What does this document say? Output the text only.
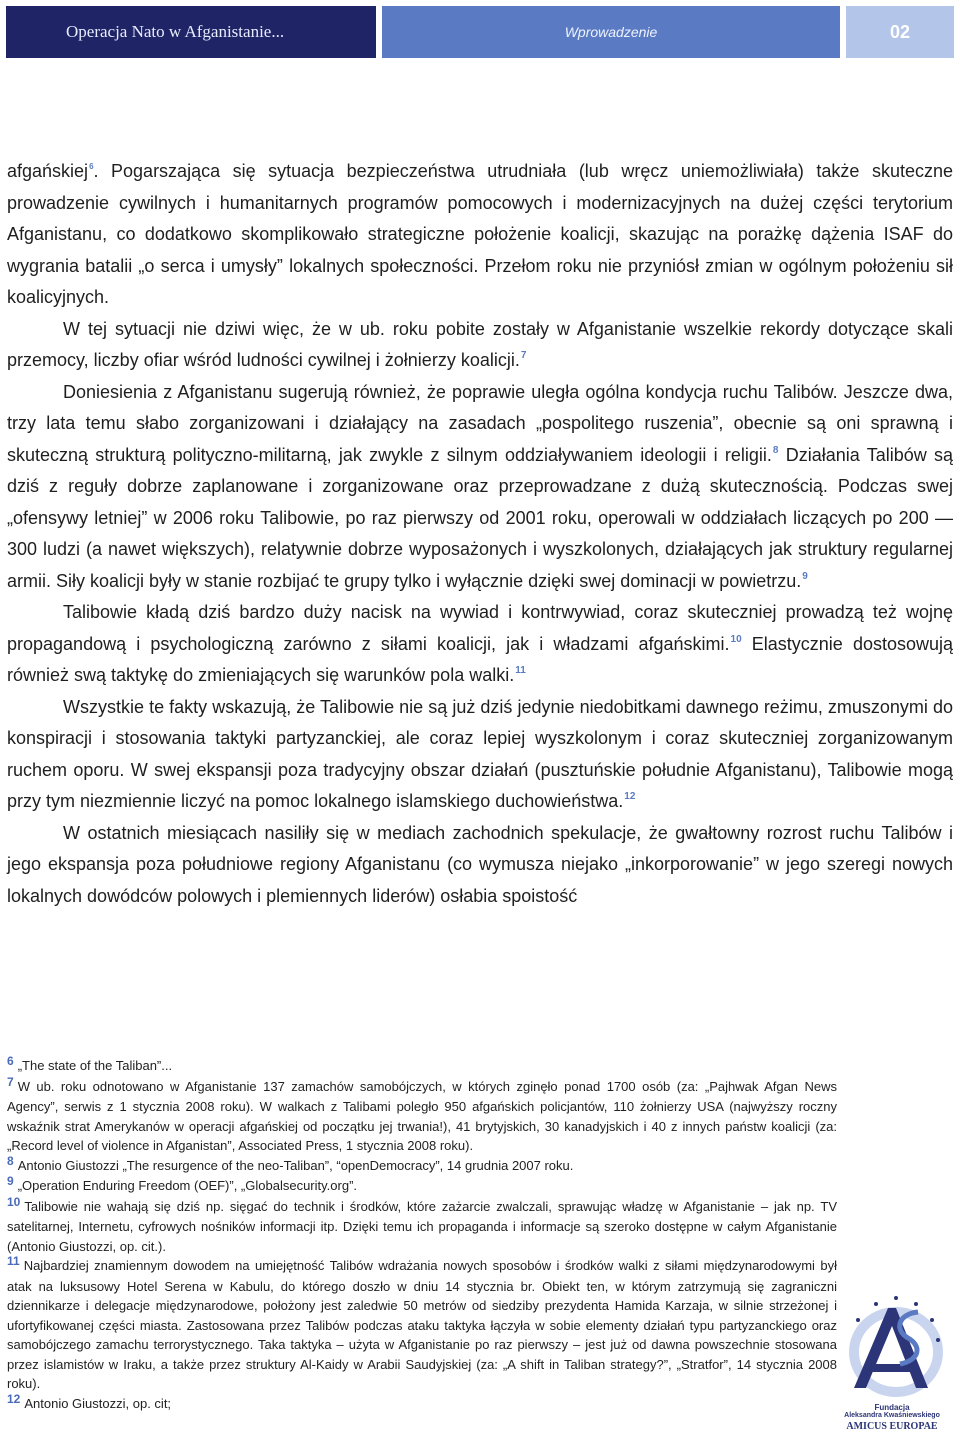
Operacja Nato w Afganistanie...	Wprowadzenie	02

afgańskiej$^6$. Pogarszająca się sytuacja bezpieczeństwa utrudniała (lub wręcz uniemożliwiała) także skuteczne prowadzenie cywilnych i humanitarnych programów pomocowych i modernizacyjnych na dużej części terytorium Afganistanu, co dodatkowo skomplikowało strategiczne położenie koalicji, skazując na porażkę dążenia ISAF do wygrania batalii „o serca i umysły” lokalnych społeczności. Przełom roku nie przyniósł zmian w ogólnym położeniu sił koalicyjnych.

W tej sytuacji nie dziwi więc, że w ub. roku pobite zostały w Afganistanie wszelkie rekordy dotyczące skali przemocy, liczby ofiar wśród ludności cywilnej i żołnierzy koalicji.$^7$

Doniesienia z Afganistanu sugerują również, że poprawie uległa ogólna kondycja ruchu Talibów. Jeszcze dwa, trzy lata temu słabo zorganizowani i działający na zasadach „pospolitego ruszenia”, obecnie są oni sprawną i skuteczną strukturą polityczno-militarną, jak zwykle z silnym oddziaływaniem ideologii i religii.$^8$ Działania Talibów są dziś z reguły dobrze zaplanowane i zorganizowane oraz przeprowadzane z dużą skutecznością. Podczas swej „ofensywy letniej” w 2006 roku Talibowie, po raz pierwszy od 2001 roku, operowali w oddziałach liczących po 200 — 300 ludzi (a nawet większych), relatywnie dobrze wyposażonych i wyszkolonych, działających jak struktury regularnej armii. Siły koalicji były w stanie rozbijać te grupy tylko i wyłącznie dzięki swej dominacji w powietrzu.$^9$

Talibowie kładą dziś bardzo duży nacisk na wywiad i kontrwywiad, coraz skuteczniej prowadzą też wojnę propagandową i psychologiczną zarówno z siłami koalicji, jak i władzami afgańskimi.$^{10}$ Elastycznie dostosowują również swą taktykę do zmieniających się warunków pola walki.$^{11}$

Wszystkie te fakty wskazują, że Talibowie nie są już dziś jedynie niedobitkami dawnego reżimu, zmuszonymi do konspiracji i stosowania taktyki partyzanckiej, ale coraz lepiej wyszkolonym i coraz skuteczniej zorganizowanym ruchem oporu. W swej ekspansji poza tradycyjny obszar działań (pusztuńskie południe Afganistanu), Talibowie mogą przy tym niezmiennie liczyć na pomoc lokalnego islamskiego duchowieństwa.$^{12}$

W ostatnich miesiącach nasiliły się w mediach zachodnich spekulacje, że gwałtowny rozrost ruchu Talibów i jego ekspansja poza południowe regiony Afganistanu (co wymusza niejako „inkorporowanie” w jego szeregi nowych lokalnych dowódców polowych i plemiennych liderów) osłabia spoistość

6 „The state of the Taliban”...

7 W ub. roku odnotowano w Afganistanie 137 zamachów samobójczych, w których zginęło ponad 1700 osób (za: „Pajhwak Afgan News Agency”, serwis z 1 stycznia 2008 roku). W walkach z Talibami poległo 950 afgańskich policjantów, 110 żołnierzy USA (najwyższy roczny wskaźnik strat Amerykanów w operacji afgańskiej od początku jej trwania!), 41 brytyjskich, 30 kanadyjskich i 40 z innych państw koalicji (za: „Record level of violence in Afganistan”, Associated Press, 1 stycznia 2008 roku).

8 Antonio Giustozzi „The resurgence of the neo-Taliban”, “openDemocracy”, 14 grudnia 2007 roku.

9 „Operation Enduring Freedom (OEF)”, „Globalsecurity.org”.

10 Talibowie nie wahają się dziś np. sięgać do technik i środków, które zażarcie zwalczali, sprawując władzę w Afganistanie – jak np. TV satelitarnej, Internetu, cyfrowych nośników informacji itp. Dzięki temu ich propaganda i informacje są szeroko dostępne w całym Afganistanie (Antonio Giustozzi, op. cit.).

11 Najbardziej znamiennym dowodem na umiejętność Talibów wdrażania nowych sposobów i środków walki z siłami międzynarodowymi był atak na luksusowy Hotel Serena w Kabulu, do którego doszło w dniu 14 stycznia br. Obiekt ten, w którym zatrzymują się zagraniczni dziennikarze i delegacje międzynarodowe, położony jest zaledwie 50 metrów od siedziby prezydenta Hamida Karzaja, w silnie strzeżonej i ufortyfikowanej części miasta. Zastosowana przez Talibów podczas ataku taktyka łączyła w sobie elementy działań typu partyzanckiego oraz samobójczego zamachu terrorystycznego. Taka taktyka – użyta w Afganistanie po raz pierwszy – jest już od dawna powszechnie stosowana przez islamistów w Iraku, a także przez struktury Al-Kaidy w Arabii Saudyjskiej (za: „A shift in Taliban strategy?”, „Stratfor”, 14 stycznia 2008 roku).

12 Antonio Giustozzi, op. cit;	Fundacja
Aleksandra Kwaśniewskiego
AMICUS EUROPAE
